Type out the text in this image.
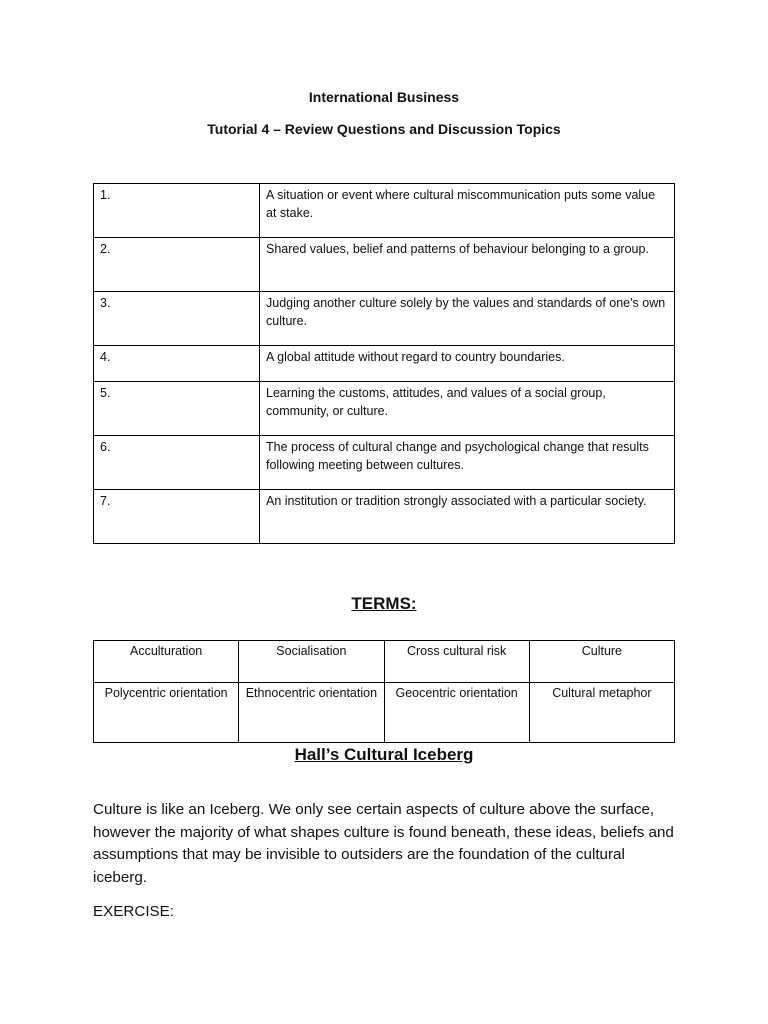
International Business
Tutorial 4 – Review Questions and Discussion Topics
1.	A situation or event where cultural miscommunication puts some value at stake.
2.	Shared values, belief and patterns of behaviour belonging to a group.
3.	Judging another culture solely by the values and standards of one's own culture.
4.	A global attitude without regard to country boundaries.
5.	Learning the customs, attitudes, and values of a social group, community, or culture.
6.	The process of cultural change and psychological change that results following meeting between cultures.
7.	An institution or tradition strongly associated with a particular society.
TERMS:
Acculturation	Socialisation	Cross cultural risk	Culture
Polycentric orientation	Ethnocentric orientation	Geocentric orientation	Cultural metaphor
Hall’s Cultural Iceberg

Culture is like an Iceberg. We only see certain aspects of culture above the surface, however the majority of what shapes culture is found beneath, these ideas, beliefs and assumptions that may be invisible to outsiders are the foundation of the cultural iceberg.

EXERCISE:
